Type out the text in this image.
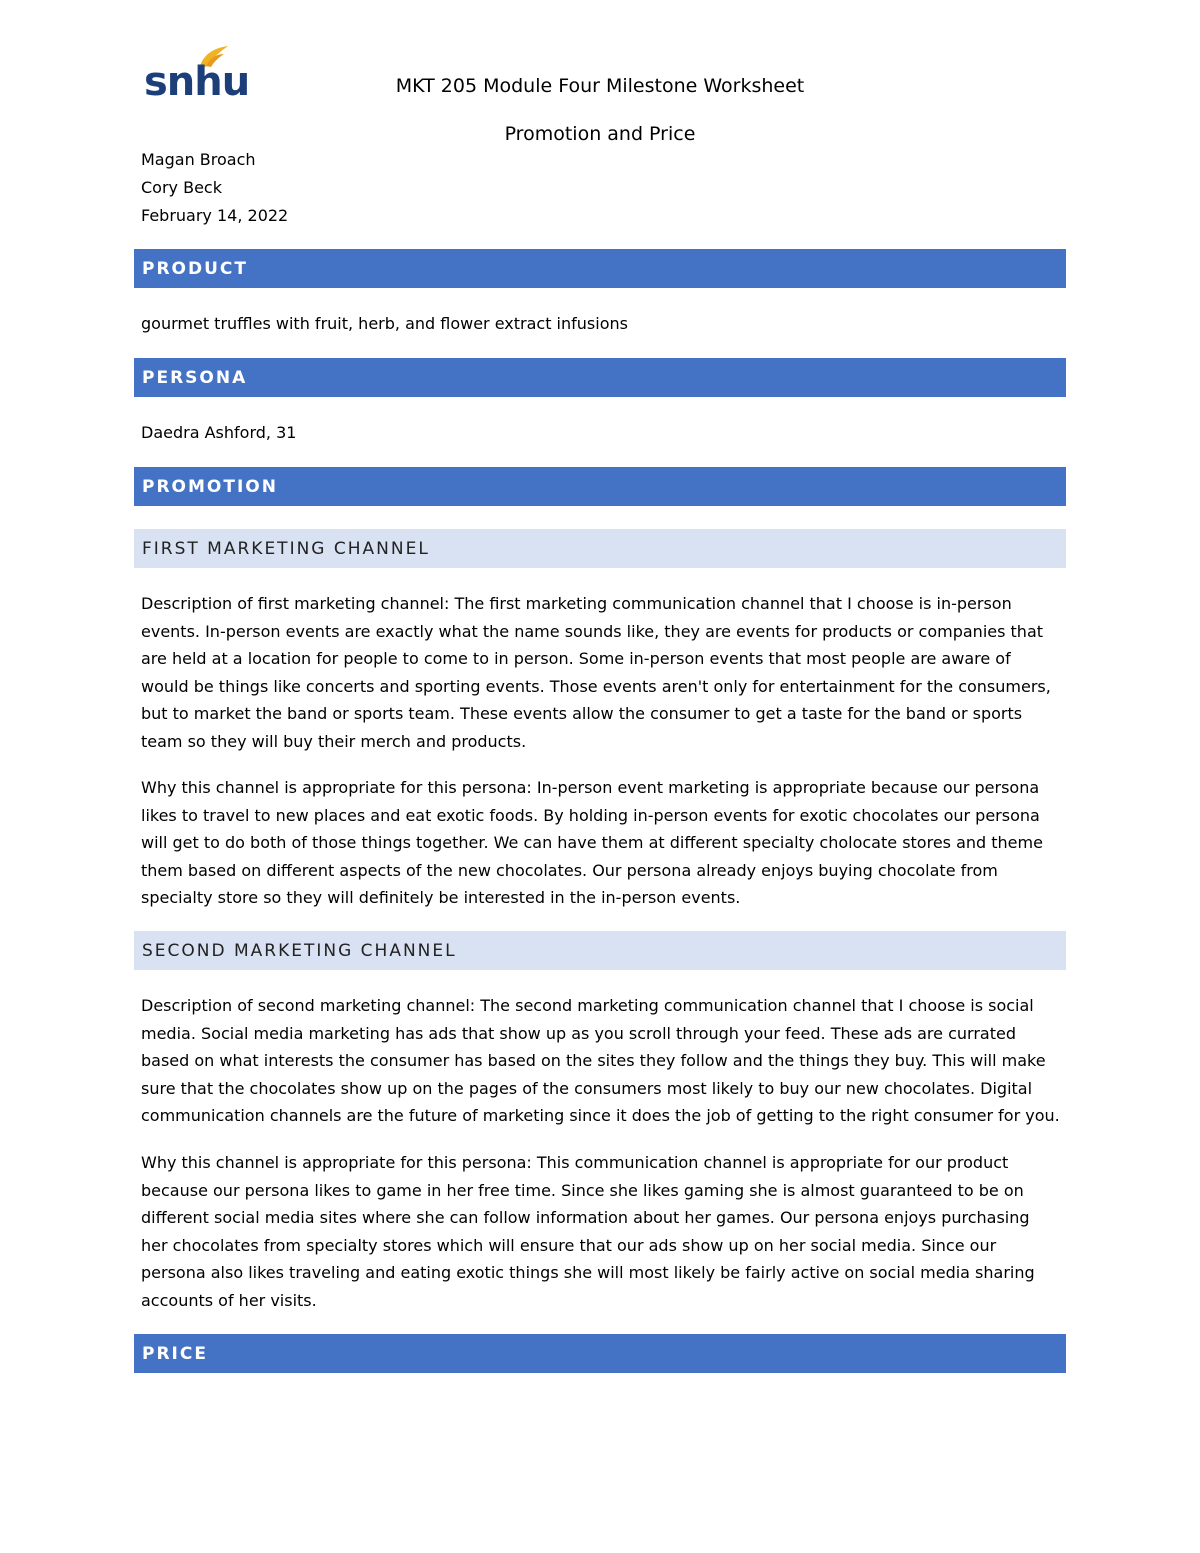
snhu	MKT 205 Module Four Milestone Worksheet
Promotion and Price
Magan Broach
Cory Beck
February 14, 2022
PRODUCT

gourmet truffles with fruit, herb, and flower extract infusions

PERSONA

Daedra Ashford, 31

PROMOTION
FIRST MARKETING CHANNEL

Description of first marketing channel: The first marketing communication channel that I choose is in-person events. In-person events are exactly what the name sounds like, they are events for products or companies that are held at a location for people to come to in person. Some in-person events that most people are aware of would be things like concerts and sporting events. Those events aren't only for entertainment for the consumers, but to market the band or sports team. These events allow the consumer to get a taste for the band or sports team so they will buy their merch and products.

Why this channel is appropriate for this persona: In-person event marketing is appropriate because our persona likes to travel to new places and eat exotic foods. By holding in-person events for exotic chocolates our persona will get to do both of those things together. We can have them at different specialty cholocate stores and theme them based on different aspects of the new chocolates. Our persona already enjoys buying chocolate from specialty store so they will definitely be interested in the in-person events.

SECOND MARKETING CHANNEL

Description of second marketing channel: The second marketing communication channel that I choose is social media. Social media marketing has ads that show up as you scroll through your feed. These ads are currated based on what interests the consumer has based on the sites they follow and the things they buy. This will make sure that the chocolates show up on the pages of the consumers most likely to buy our new chocolates. Digital communication channels are the future of marketing since it does the job of getting to the right consumer for you.

Why this channel is appropriate for this persona: This communication channel is appropriate for our product because our persona likes to game in her free time. Since she likes gaming she is almost guaranteed to be on different social media sites where she can follow information about her games. Our persona enjoys purchasing her chocolates from specialty stores which will ensure that our ads show up on her social media. Since our persona also likes traveling and eating exotic things she will most likely be fairly active on social media sharing accounts of her visits.

PRICE
